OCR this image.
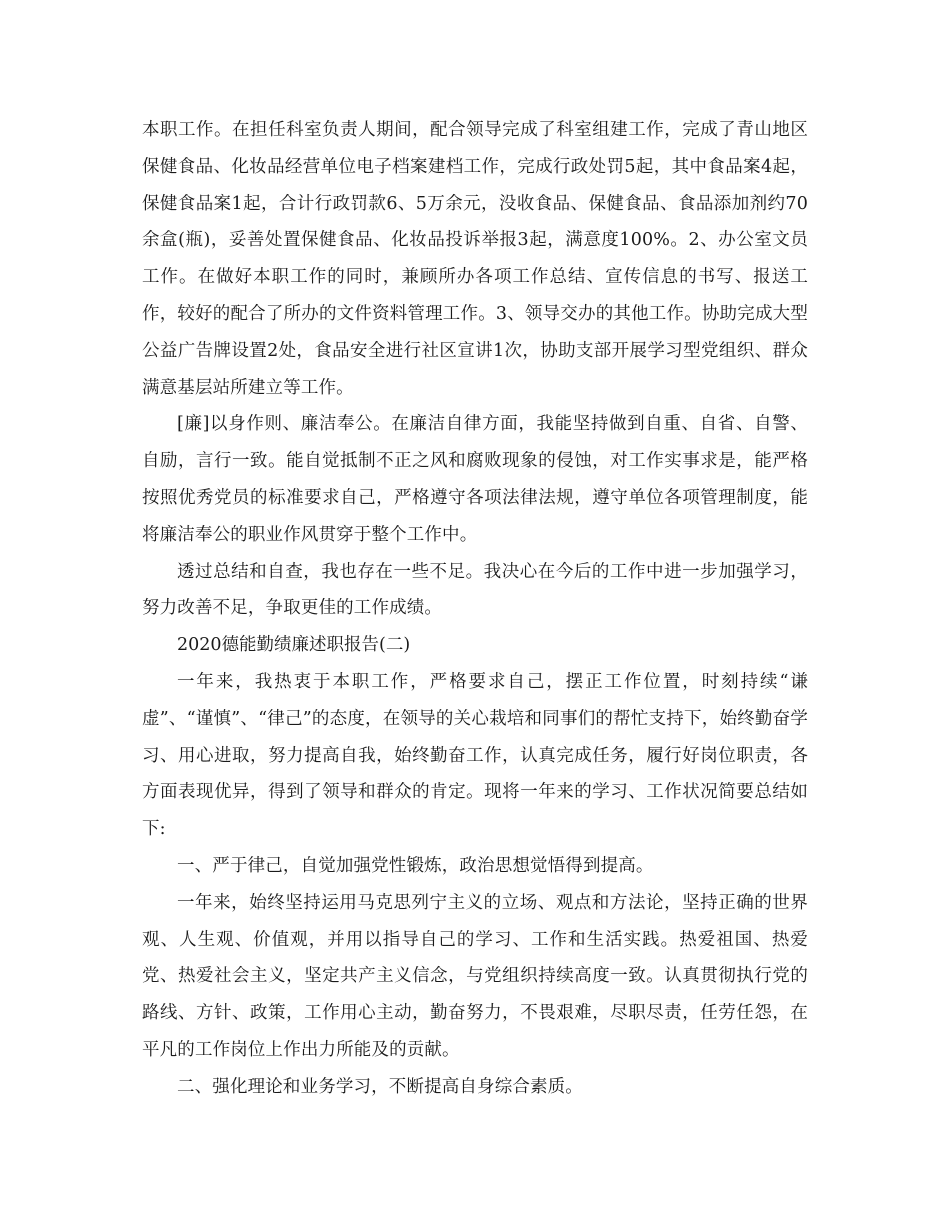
本职工作。在担任科室负责人期间，配合领导完成了科室组建工作，完成了青山地区保健食品、化妆品经营单位电子档案建档工作，完成行政处罚5起，其中食品案4起，保健食品案1起，合计行政罚款6、5万余元，没收食品、保健食品、食品添加剂约70余盒(瓶)，妥善处置保健食品、化妆品投诉举报3起，满意度100%。2、办公室文员工作。在做好本职工作的同时，兼顾所办各项工作总结、宣传信息的书写、报送工作，较好的配合了所办的文件资料管理工作。3、领导交办的其他工作。协助完成大型公益广告牌设置2处，食品安全进行社区宣讲1次，协助支部开展学习型党组织、群众满意基层站所建立等工作。

[廉]以身作则、廉洁奉公。在廉洁自律方面，我能坚持做到自重、自省、自警、自励，言行一致。能自觉抵制不正之风和腐败现象的侵蚀，对工作实事求是，能严格按照优秀党员的标准要求自己，严格遵守各项法律法规，遵守单位各项管理制度，能将廉洁奉公的职业作风贯穿于整个工作中。

透过总结和自查，我也存在一些不足。我决心在今后的工作中进一步加强学习，努力改善不足，争取更佳的工作成绩。

2020德能勤绩廉述职报告(二)

一年来，我热衷于本职工作，严格要求自己，摆正工作位置，时刻持续“谦虚”、“谨慎”、“律己”的态度，在领导的关心栽培和同事们的帮忙支持下，始终勤奋学习、用心进取，努力提高自我，始终勤奋工作，认真完成任务，履行好岗位职责，各方面表现优异，得到了领导和群众的肯定。现将一年来的学习、工作状况简要总结如下:

一、严于律己，自觉加强党性锻炼，政治思想觉悟得到提高。

一年来，始终坚持运用马克思列宁主义的立场、观点和方法论，坚持正确的世界观、人生观、价值观，并用以指导自己的学习、工作和生活实践。热爱祖国、热爱党、热爱社会主义，坚定共产主义信念，与党组织持续高度一致。认真贯彻执行党的路线、方针、政策，工作用心主动，勤奋努力，不畏艰难，尽职尽责，任劳任怨，在平凡的工作岗位上作出力所能及的贡献。

二、强化理论和业务学习，不断提高自身综合素质。
